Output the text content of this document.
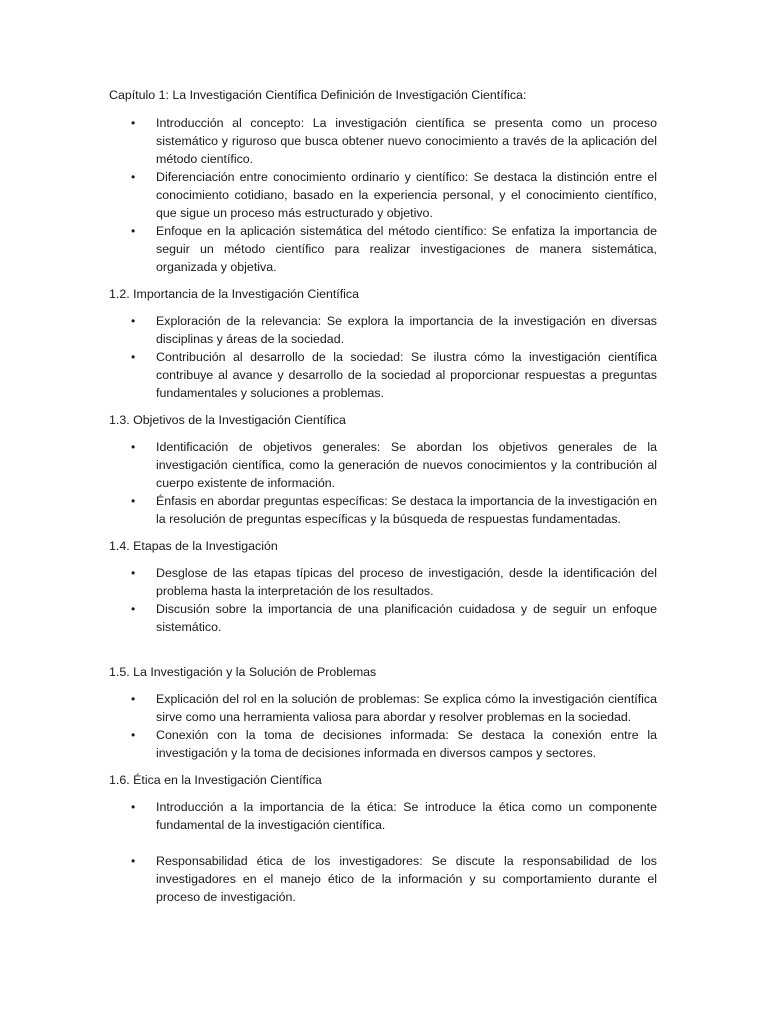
Capítulo 1: La Investigación Científica Definición de Investigación Científica:

• Introducción al concepto: La investigación científica se presenta como un proceso sistemático y riguroso que busca obtener nuevo conocimiento a través de la aplicación del método científico.
• Diferenciación entre conocimiento ordinario y científico: Se destaca la distinción entre el conocimiento cotidiano, basado en la experiencia personal, y el conocimiento científico, que sigue un proceso más estructurado y objetivo.
• Enfoque en la aplicación sistemática del método científico: Se enfatiza la importancia de seguir un método científico para realizar investigaciones de manera sistemática, organizada y objetiva.

1.2. Importancia de la Investigación Científica

• Exploración de la relevancia: Se explora la importancia de la investigación en diversas disciplinas y áreas de la sociedad.
• Contribución al desarrollo de la sociedad: Se ilustra cómo la investigación científica contribuye al avance y desarrollo de la sociedad al proporcionar respuestas a preguntas fundamentales y soluciones a problemas.

1.3. Objetivos de la Investigación Científica

• Identificación de objetivos generales: Se abordan los objetivos generales de la investigación científica, como la generación de nuevos conocimientos y la contribución al cuerpo existente de información.
• Énfasis en abordar preguntas específicas: Se destaca la importancia de la investigación en la resolución de preguntas específicas y la búsqueda de respuestas fundamentadas.

1.4. Etapas de la Investigación

• Desglose de las etapas típicas del proceso de investigación, desde la identificación del problema hasta la interpretación de los resultados.
• Discusión sobre la importancia de una planificación cuidadosa y de seguir un enfoque sistemático.

1.5. La Investigación y la Solución de Problemas

• Explicación del rol en la solución de problemas: Se explica cómo la investigación científica sirve como una herramienta valiosa para abordar y resolver problemas en la sociedad.
• Conexión con la toma de decisiones informada: Se destaca la conexión entre la investigación y la toma de decisiones informada en diversos campos y sectores.

1.6. Ética en la Investigación Científica

• Introducción a la importancia de la ética: Se introduce la ética como un componente fundamental de la investigación científica.
• Responsabilidad ética de los investigadores: Se discute la responsabilidad de los investigadores en el manejo ético de la información y su comportamiento durante el proceso de investigación.
